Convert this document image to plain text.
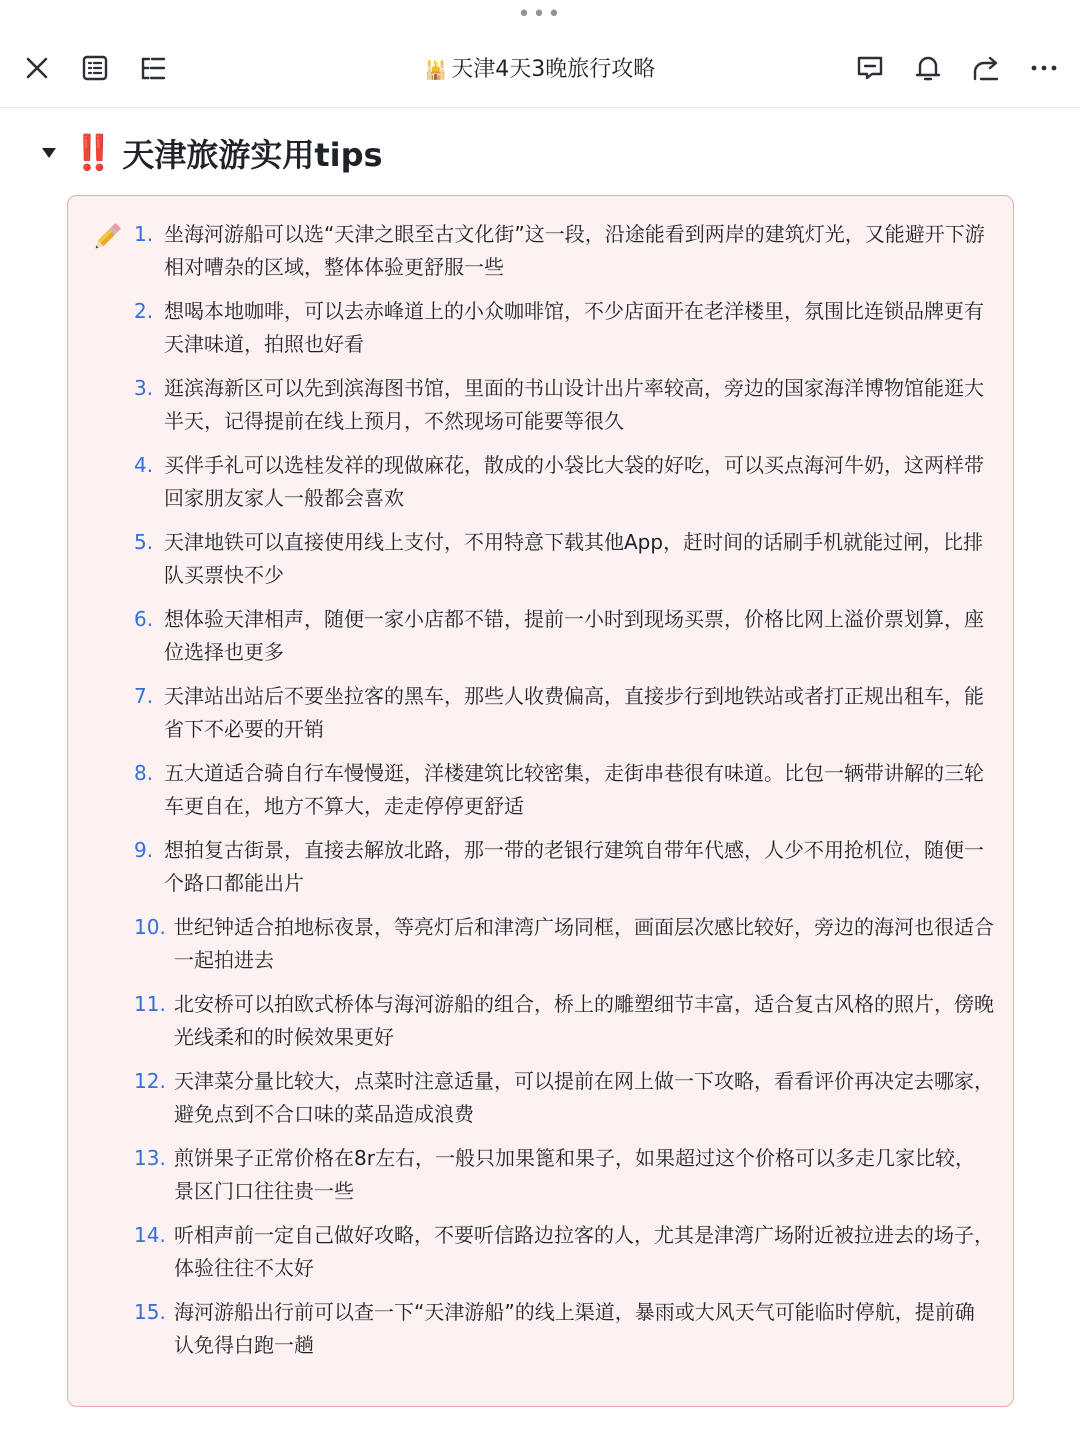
•••
🕌 天津4天3晚旅行攻略
‼️ 天津旅游实用tips
1. 坐海河游船可以选“天津之眼至古文化街”这一段，沿途能看到两岸的建筑灯光，又能避开下游相对嘈杂的区域，整体体验更舒服一些
2. 想喝本地咖啡，可以去赤峰道上的小众咖啡馆，不少店面开在老洋楼里，氛围比连锁品牌更有天津味道，拍照也好看
3. 逛滨海新区可以先到滨海图书馆，里面的书山设计出片率较高，旁边的国家海洋博物馆能逛大半天，记得提前在线上预月，不然现场可能要等很久
4. 买伴手礼可以选桂发祥的现做麻花，散成的小袋比大袋的好吃，可以买点海河牛奶，这两样带回家朋友家人一般都会喜欢
5. 天津地铁可以直接使用线上支付，不用特意下载其他App，赶时间的话刷手机就能过闸，比排队买票快不少
6. 想体验天津相声，随便一家小店都不错，提前一小时到现场买票，价格比网上溢价票划算，座位选择也更多
7. 天津站出站后不要坐拉客的黑车，那些人收费偏高，直接步行到地铁站或者打正规出租车，能省下不必要的开销
8. 五大道适合骑自行车慢慢逛，洋楼建筑比较密集，走街串巷很有味道。比包一辆带讲解的三轮车更自在，地方不算大，走走停停更舒适
9. 想拍复古街景，直接去解放北路，那一带的老银行建筑自带年代感，人少不用抢机位，随便一个路口都能出片
10. 世纪钟适合拍地标夜景，等亮灯后和津湾广场同框，画面层次感比较好，旁边的海河也很适合一起拍进去
11. 北安桥可以拍欧式桥体与海河游船的组合，桥上的雕塑细节丰富，适合复古风格的照片，傍晚光线柔和的时候效果更好
12. 天津菜分量比较大，点菜时注意适量，可以提前在网上做一下攻略，看看评价再决定去哪家，避免点到不合口味的菜品造成浪费
13. 煎饼果子正常价格在8r左右，一般只加果篦和果子，如果超过这个价格可以多走几家比较，景区门口往往贵一些
14. 听相声前一定自己做好攻略，不要听信路边拉客的人，尤其是津湾广场附近被拉进去的场子，体验往往不太好
15. 海河游船出行前可以查一下“天津游船”的线上渠道，暴雨或大风天气可能临时停航，提前确认免得白跑一趟
